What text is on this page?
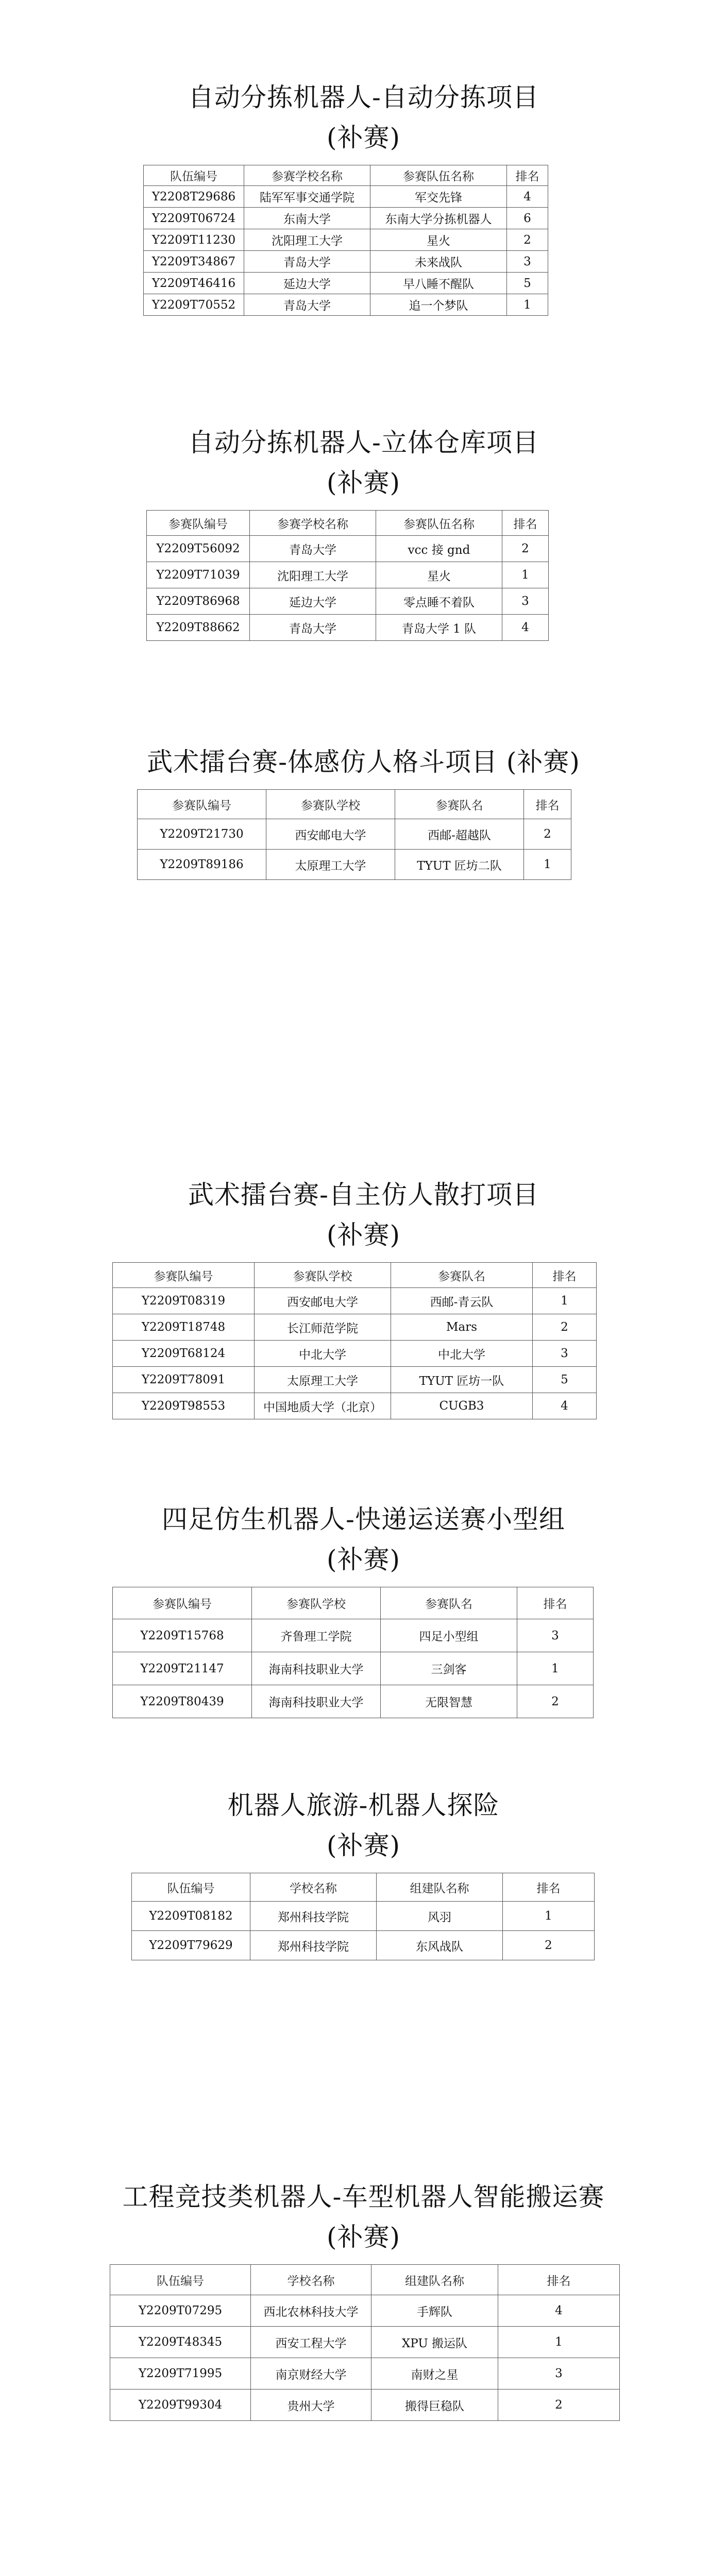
自动分拣机器人-自动分拣项目
(补赛)
队伍编号	参赛学校名称	参赛队伍名称	排名
Y2208T29686	陆军军事交通学院	军交先锋	4
Y2209T06724	东南大学	东南大学分拣机器人	6
Y2209T11230	沈阳理工大学	星火	2
Y2209T34867	青岛大学	未来战队	3
Y2209T46416	延边大学	早八睡不醒队	5
Y2209T70552	青岛大学	追一个梦队	1
自动分拣机器人-立体仓库项目
(补赛)
参赛队编号	参赛学校名称	参赛队伍名称	排名
Y2209T56092	青岛大学	vcc 接 gnd	2
Y2209T71039	沈阳理工大学	星火	1
Y2209T86968	延边大学	零点睡不着队	3
Y2209T88662	青岛大学	青岛大学 1 队	4
武术擂台赛-体感仿人格斗项目 (补赛)
参赛队编号	参赛队学校	参赛队名	排名
Y2209T21730	西安邮电大学	西邮-超越队	2
Y2209T89186	太原理工大学	TYUT 匠坊二队	1
武术擂台赛-自主仿人散打项目
(补赛)
参赛队编号	参赛队学校	参赛队名	排名
Y2209T08319	西安邮电大学	西邮-青云队	1
Y2209T18748	长江师范学院	Mars	2
Y2209T68124	中北大学	中北大学	3
Y2209T78091	太原理工大学	TYUT 匠坊一队	5
Y2209T98553	中国地质大学（北京）	CUGB3	4
四足仿生机器人-快递运送赛小型组
(补赛)
参赛队编号	参赛队学校	参赛队名	排名
Y2209T15768	齐鲁理工学院	四足小型组	3
Y2209T21147	海南科技职业大学	三剑客	1
Y2209T80439	海南科技职业大学	无限智慧	2
机器人旅游-机器人探险
(补赛)
队伍编号	学校名称	组建队名称	排名
Y2209T08182	郑州科技学院	风羽	1
Y2209T79629	郑州科技学院	东风战队	2
工程竞技类机器人-车型机器人智能搬运赛
(补赛)
队伍编号	学校名称	组建队名称	排名
Y2209T07295	西北农林科技大学	手辉队	4
Y2209T48345	西安工程大学	XPU 搬运队	1
Y2209T71995	南京财经大学	南财之星	3
Y2209T99304	贵州大学	搬得巨稳队	2
